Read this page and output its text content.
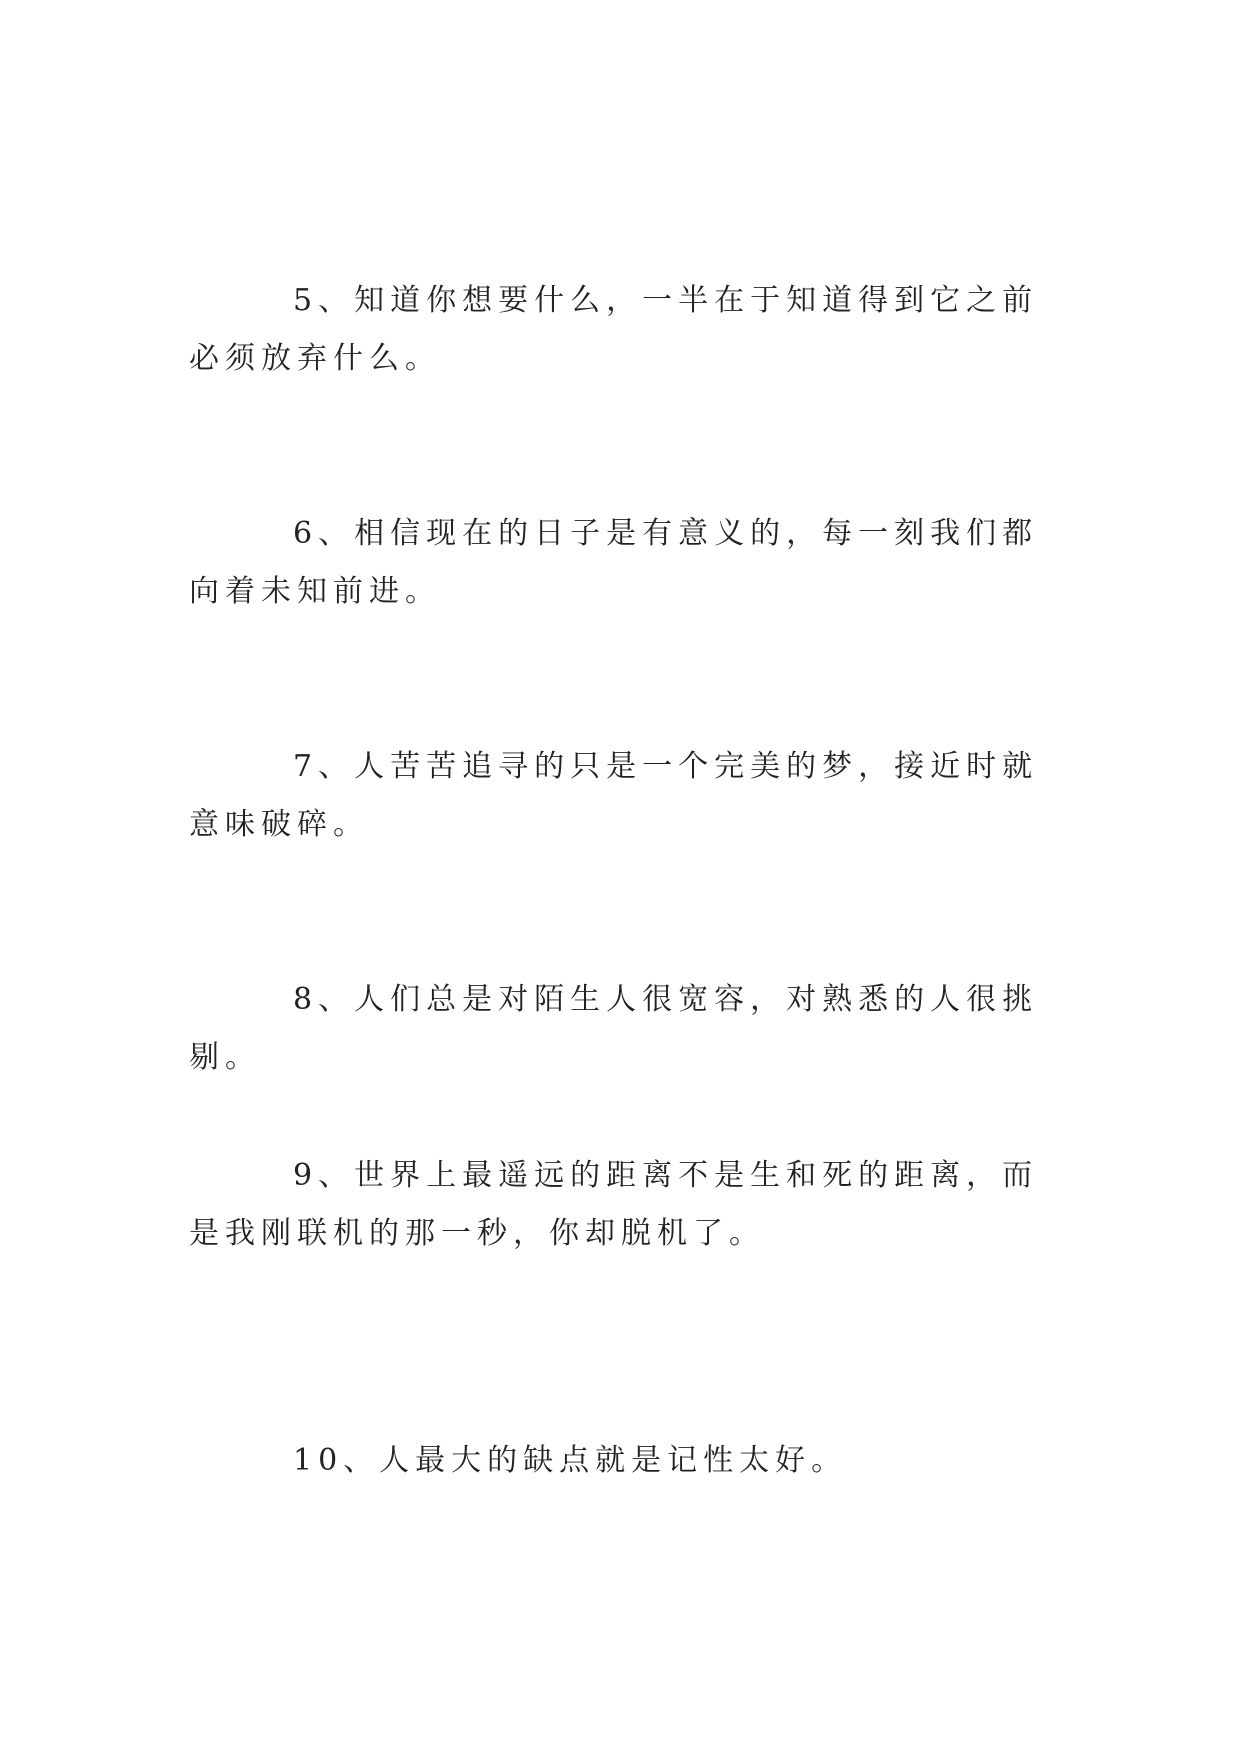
5、知道你想要什么，一半在于知道得到它之前必须放弃什么。

6、相信现在的日子是有意义的，每一刻我们都向着未知前进。

7、人苦苦追寻的只是一个完美的梦，接近时就意味破碎。

8、人们总是对陌生人很宽容，对熟悉的人很挑剔。

9、世界上最遥远的距离不是生和死的距离，而是我刚联机的那一秒，你却脱机了。

10、人最大的缺点就是记性太好。
